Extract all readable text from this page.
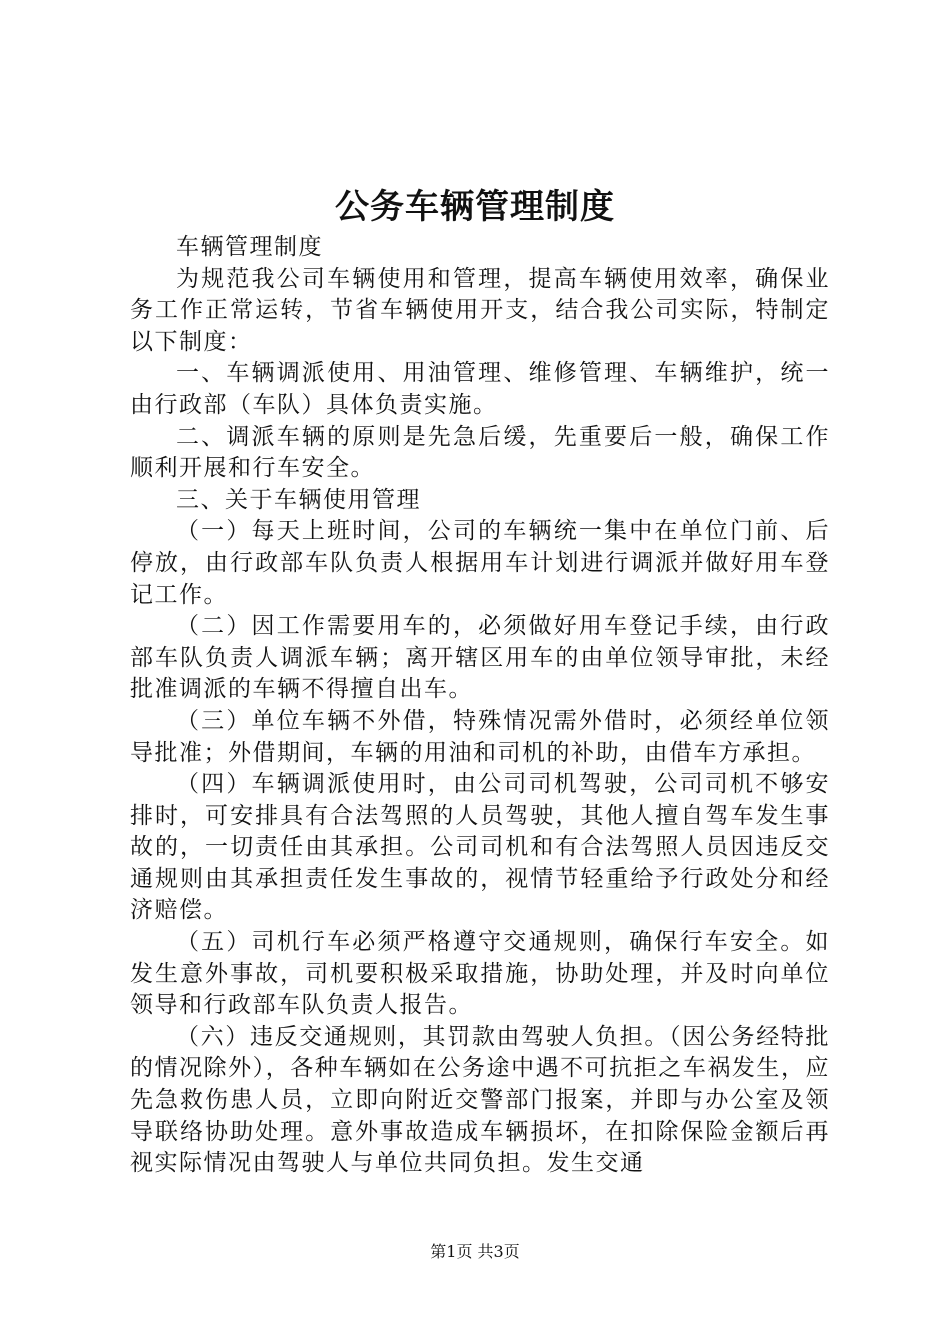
公务车辆管理制度

车辆管理制度

为规范我公司车辆使用和管理，提高车辆使用效率，确保业务工作正常运转，节省车辆使用开支，结合我公司实际，特制定以下制度：

一、车辆调派使用、用油管理、维修管理、车辆维护，统一由行政部（车队）具体负责实施。

二、调派车辆的原则是先急后缓，先重要后一般，确保工作顺利开展和行车安全。

三、关于车辆使用管理

（一）每天上班时间，公司的车辆统一集中在单位门前、后停放，由行政部车队负责人根据用车计划进行调派并做好用车登记工作。

（二）因工作需要用车的，必须做好用车登记手续，由行政部车队负责人调派车辆；离开辖区用车的由单位领导审批，未经批准调派的车辆不得擅自出车。

（三）单位车辆不外借，特殊情况需外借时，必须经单位领导批准；外借期间，车辆的用油和司机的补助，由借车方承担。

（四）车辆调派使用时，由公司司机驾驶，公司司机不够安排时，可安排具有合法驾照的人员驾驶，其他人擅自驾车发生事故的，一切责任由其承担。公司司机和有合法驾照人员因违反交通规则由其承担责任发生事故的，视情节轻重给予行政处分和经济赔偿。

（五）司机行车必须严格遵守交通规则，确保行车安全。如发生意外事故，司机要积极采取措施，协助处理，并及时向单位领导和行政部车队负责人报告。

（六）违反交通规则，其罚款由驾驶人负担。（因公务经特批的情况除外），各种车辆如在公务途中遇不可抗拒之车祸发生，应先急救伤患人员，立即向附近交警部门报案，并即与办公室及领导联络协助处理。意外事故造成车辆损坏，在扣除保险金额后再视实际情况由驾驶人与单位共同负担。发生交通

第1页 共3页
